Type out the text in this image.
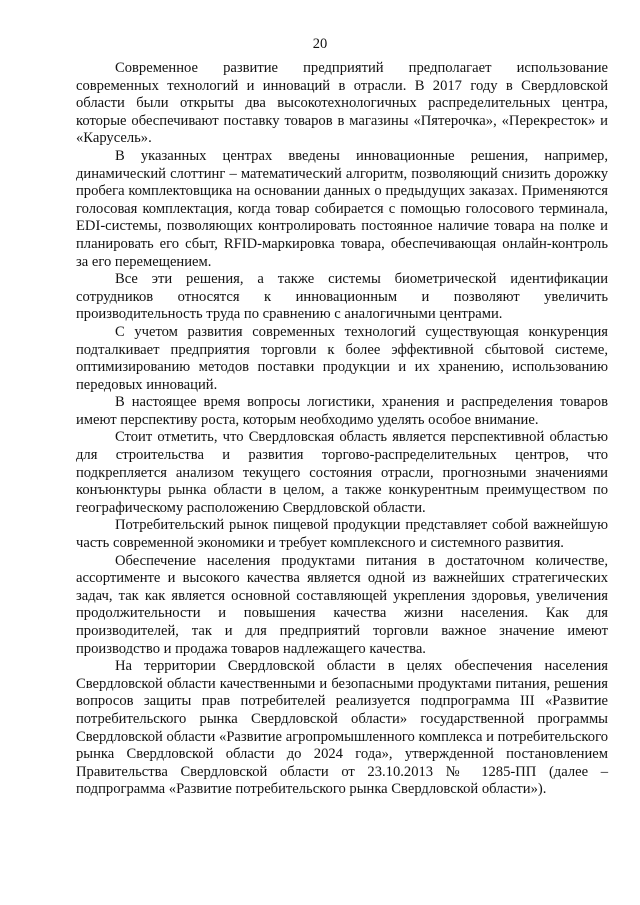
20

Современное развитие предприятий предполагает использование современных технологий и инноваций в отрасли. В 2017 году в Свердловской области были открыты два высокотехнологичных распределительных центра, которые обеспечивают поставку товаров в магазины «Пятерочка», «Перекресток» и «Карусель».

В указанных центрах введены инновационные решения, например, динамический слоттинг – математический алгоритм, позволяющий снизить дорожку пробега комплектовщика на основании данных о предыдущих заказах. Применяются голосовая комплектация, когда товар собирается с помощью голосового терминала, EDI-системы, позволяющих контролировать постоянное наличие товара на полке и планировать его сбыт, RFID-маркировка товара, обеспечивающая онлайн-контроль за его перемещением.

Все эти решения, а также системы биометрической идентификации сотрудников относятся к инновационным и позволяют увеличить производительность труда по сравнению с аналогичными центрами.

С учетом развития современных технологий существующая конкуренция подталкивает предприятия торговли к более эффективной сбытовой системе, оптимизированию методов поставки продукции и их хранению, использованию передовых инноваций.

В настоящее время вопросы логистики, хранения и распределения товаров имеют перспективу роста, которым необходимо уделять особое внимание.

Стоит отметить, что Свердловская область является перспективной областью для строительства и развития торгово-распределительных центров, что подкрепляется анализом текущего состояния отрасли, прогнозными значениями конъюнктуры рынка области в целом, а также конкурентным преимуществом по географическому расположению Свердловской области.

Потребительский рынок пищевой продукции представляет собой важнейшую часть современной экономики и требует комплексного и системного развития.

Обеспечение населения продуктами питания в достаточном количестве, ассортименте и высокого качества является одной из важнейших стратегических задач, так как является основной составляющей укрепления здоровья, увеличения продолжительности и повышения качества жизни населения. Как для производителей, так и для предприятий торговли важное значение имеют производство и продажа товаров надлежащего качества.

На территории Свердловской области в целях обеспечения населения Свердловской области качественными и безопасными продуктами питания, решения вопросов защиты прав потребителей реализуется подпрограмма III «Развитие потребительского рынка Свердловской области» государственной программы Свердловской области «Развитие агропромышленного комплекса и потребительского рынка Свердловской области до 2024 года», утвержденной постановлением Правительства Свердловской области от 23.10.2013 № 1285-ПП (далее – подпрограмма «Развитие потребительского рынка Свердловской области»).
